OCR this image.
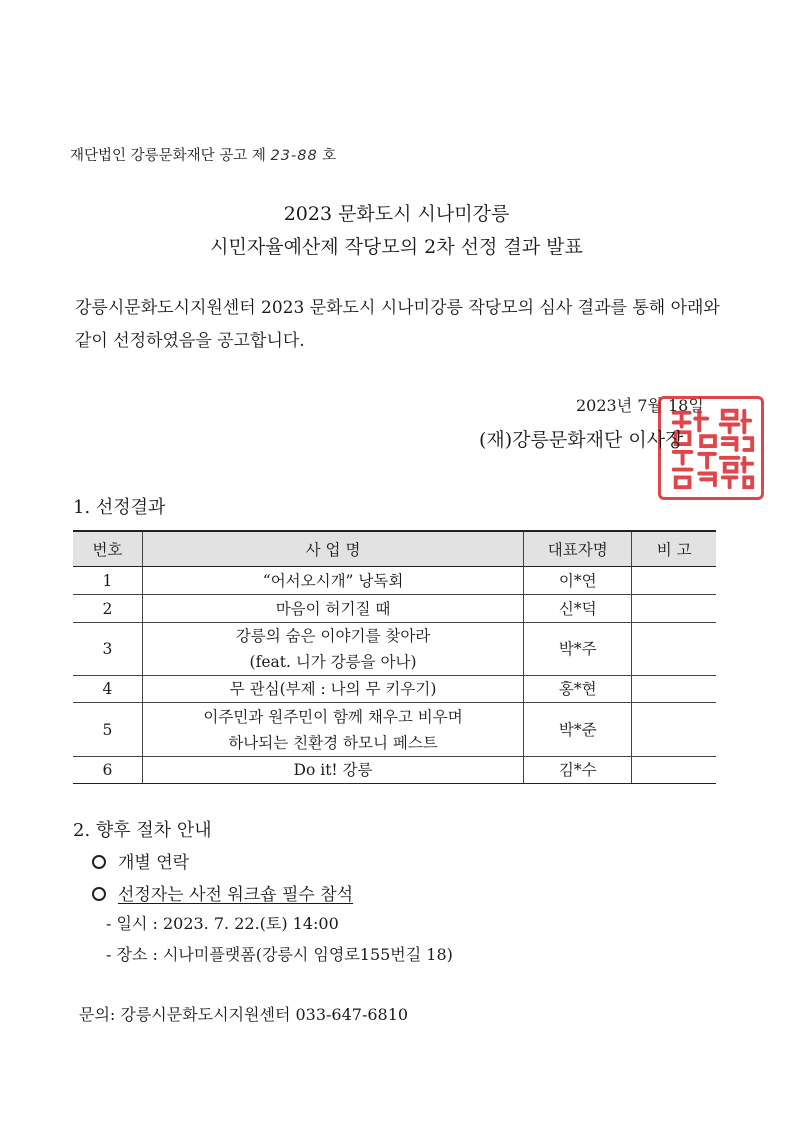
재단법인 강릉문화재단 공고 제 23-88 호
2023 문화도시 시나미강릉
시민자율예산제 작당모의 2차 선정 결과 발표
강릉시문화도시지원센터 2023 문화도시 시나미강릉 작당모의 심사 결과를 통해 아래와 같이 선정하였음을 공고합니다.
2023년 7월 18일
(재)강릉문화재단 이사장
1. 선정결과
번호	사 업 명	대표자명	비 고
1	“어서오시개” 낭독회	이*연	
2	마음이 허기질 때	신*덕	
3	강릉의 숨은 이야기를 찾아라
(feat. 니가 강릉을 아나)	박*주	
4	무 관심(부제 : 나의 무 키우기)	홍*현	
5	이주민과 원주민이 함께 채우고 비우며
하나되는 친환경 하모니 페스트	박*준	
6	Do it! 강릉	김*수	
2. 향후 절차 안내
개별 연락
선정자는 사전 워크숍 필수 참석
- 일시 : 2023. 7. 22.(토) 14:00
- 장소 : 시나미플랫폼(강릉시 임영로155번길 18)
문의: 강릉시문화도시지원센터 033-647-6810
